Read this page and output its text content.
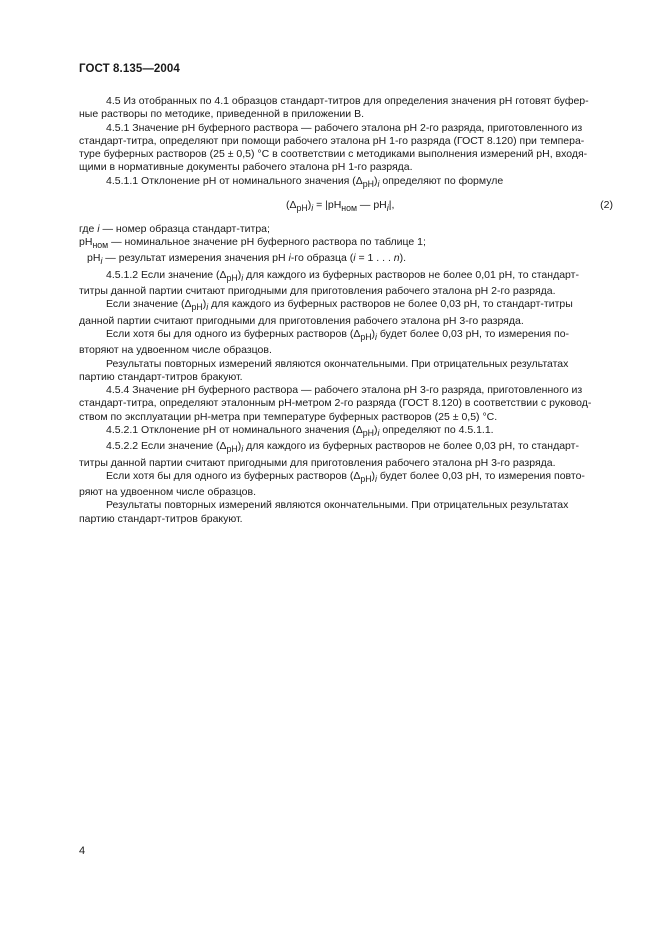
ГОСТ 8.135—2004
4.5 Из отобранных по 4.1 образцов стандарт-титров для определения значения pH готовят буфер-
ные растворы по методике, приведенной в приложении В.
4.5.1 Значение pH буферного раствора — рабочего эталона pH 2-го разряда, приготовленного из
стандарт-титра, определяют при помощи рабочего эталона pH 1-го разряда (ГОСТ 8.120) при темпера-
туре буферных растворов (25 ± 0,5) °С в соответствии с методиками выполнения измерений pH, входя-
щими в нормативные документы рабочего эталона pH 1-го разряда.
4.5.1.1 Отклонение pH от номинального значения $(\Delta_{pH})_i$ определяют по формуле
$(\Delta_{pH})_i = |pH_{ном}$ — $pH_i|$,	(2)
где i — номер образца стандарт-титра;
$pH_{ном}$ — номинальное значение pH буферного раствора по таблице 1;
$pH_i$ — результат измерения значения pH i-го образца (i = 1 . . . n).
4.5.1.2 Если значение $(\Delta_{pH})_i$ для каждого из буферных растворов не более 0,01 pH, то стандарт-
титры данной партии считают пригодными для приготовления рабочего эталона pH 2-го разряда.
Если значение $(\Delta_{pH})_i$ для каждого из буферных растворов не более 0,03 pH, то стандарт-титры
данной партии считают пригодными для приготовления рабочего эталона pH 3-го разряда.
Если хотя бы для одного из буферных растворов $(\Delta_{pH})_i$ будет более 0,03 pH, то измерения по-
вторяют на удвоенном числе образцов.
Результаты повторных измерений являются окончательными. При отрицательных результатах
партию стандарт-титров бракуют.
4.5.4 Значение pH буферного раствора — рабочего эталона pH 3-го разряда, приготовленного из
стандарт-титра, определяют эталонным pH-метром 2-го разряда (ГОСТ 8.120) в соответствии с руковод-
ством по эксплуатации pH-метра при температуре буферных растворов (25 ± 0,5) °С.
4.5.2.1 Отклонение pH от номинального значения $(\Delta_{pH})_i$ определяют по 4.5.1.1.
4.5.2.2 Если значение $(\Delta_{pH})_i$ для каждого из буферных растворов не более 0,03 pH, то стандарт-
титры данной партии считают пригодными для приготовления рабочего эталона pH 3-го разряда.
Если хотя бы для одного из буферных растворов $(\Delta_{pH})_i$ будет более 0,03 pH, то измерения повто-
ряют на удвоенном числе образцов.
Результаты повторных измерений являются окончательными. При отрицательных результатах
партию стандарт-титров бракуют.
4
